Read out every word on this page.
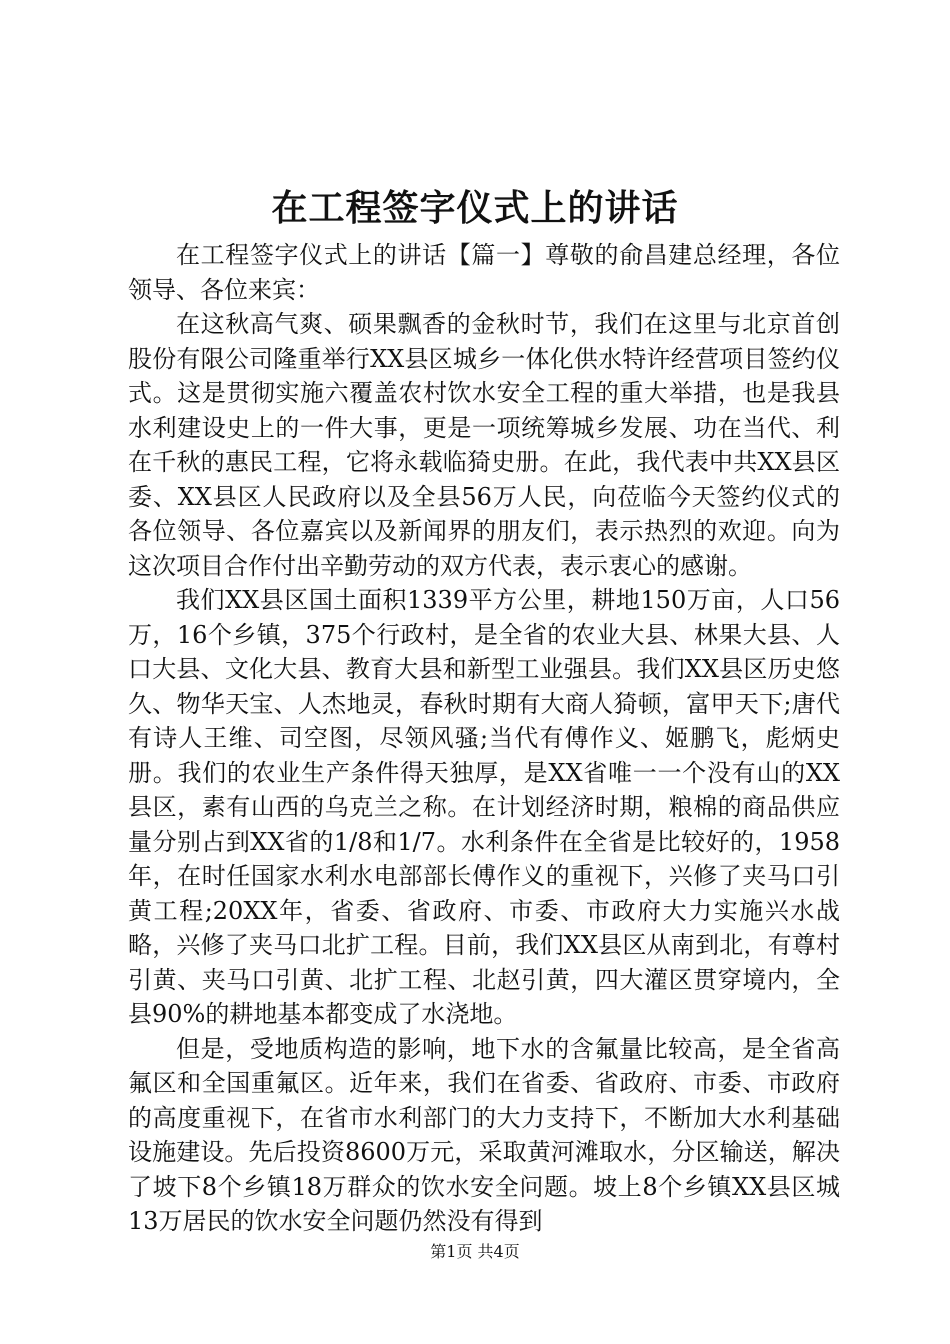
在工程签字仪式上的讲话

在工程签字仪式上的讲话【篇一】尊敬的俞昌建总经理，各位领导、各位来宾：

在这秋高气爽、硕果飘香的金秋时节，我们在这里与北京首创股份有限公司隆重举行XX县区城乡一体化供水特许经营项目签约仪式。这是贯彻实施六覆盖农村饮水安全工程的重大举措，也是我县水利建设史上的一件大事，更是一项统筹城乡发展、功在当代、利在千秋的惠民工程，它将永载临猗史册。在此，我代表中共XX县区委、XX县区人民政府以及全县56万人民，向莅临今天签约仪式的各位领导、各位嘉宾以及新闻界的朋友们，表示热烈的欢迎。向为这次项目合作付出辛勤劳动的双方代表，表示衷心的感谢。

我们XX县区国土面积1339平方公里，耕地150万亩，人口56万，16个乡镇，375个行政村，是全省的农业大县、林果大县、人口大县、文化大县、教育大县和新型工业强县。我们XX县区历史悠久、物华天宝、人杰地灵，春秋时期有大商人猗顿，富甲天下;唐代有诗人王维、司空图，尽领风骚;当代有傅作义、姬鹏飞，彪炳史册。我们的农业生产条件得天独厚，是XX省唯一一个没有山的XX县区，素有山西的乌克兰之称。在计划经济时期，粮棉的商品供应量分别占到XX省的1/8和1/7。水利条件在全省是比较好的，1958年，在时任国家水利水电部部长傅作义的重视下，兴修了夹马口引黄工程;20XX年，省委、省政府、市委、市政府大力实施兴水战略，兴修了夹马口北扩工程。目前，我们XX县区从南到北，有尊村引黄、夹马口引黄、北扩工程、北赵引黄，四大灌区贯穿境内，全县90%的耕地基本都变成了水浇地。

但是，受地质构造的影响，地下水的含氟量比较高，是全省高氟区和全国重氟区。近年来，我们在省委、省政府、市委、市政府的高度重视下，在省市水利部门的大力支持下，不断加大水利基础设施建设。先后投资8600万元，采取黄河滩取水，分区输送，解决了坡下8个乡镇18万群众的饮水安全问题。坡上8个乡镇XX县区城13万居民的饮水安全问题仍然没有得到

第1页 共4页
